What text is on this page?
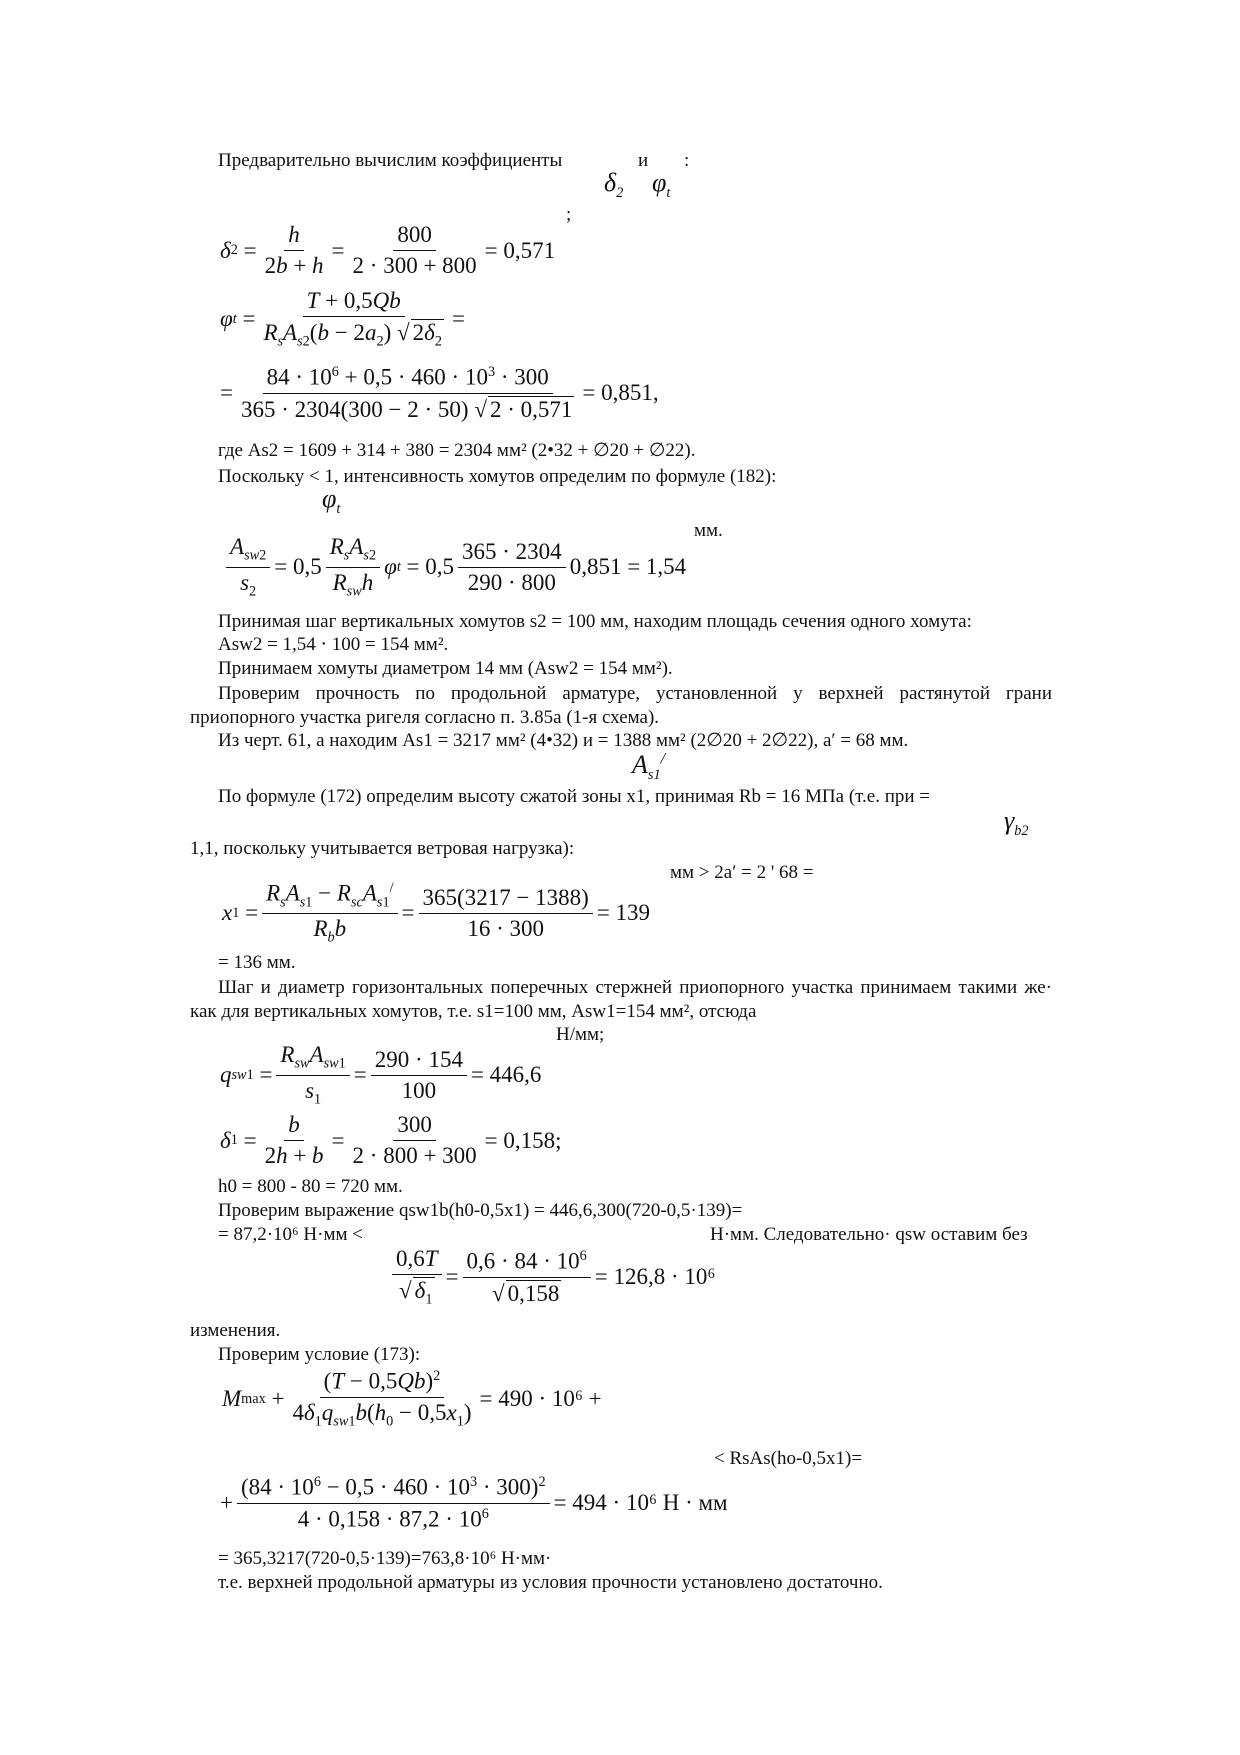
Предварительно вычислим коэффициенты	и :
$\delta_2$ $\varphi_t$
;
δ 2 =
h
2b + h
= $\frac{800}{2 \cdot 300 + 800} = 0,571$
φ t =
T + 0,5Qb
$R_sA_{s2}(b - 2a_2)$ √ $2\delta_2$
=
= $\frac{84 \cdot 10^6 + 0,5 \cdot 460 \cdot 10^3 \cdot 300}{365 \cdot 2304(300 - 2 \cdot 50) √ 2 \cdot 0,571} = 0,851$,
где As2 = 1609 + 314 + 380 = 2304 мм² (2•32 + ∅20 + ∅22).
Поскольку < 1, интенсивность хомутов определим по формуле (182):
$\varphi_t$
мм.
$A_{sw2}$
$s_2$
= 0,5
$R_sA_{s2}$
$R_{sw}h$
φ t = 0,5
365 · 2304
290 · 800
0,851 = 1,54
Принимая шаг вертикальных хомутов s2 = 100 мм, находим площадь сечения одного хомута:
Asw2 = 1,54 ⋅ 100 = 154 мм².
Принимаем хомуты диаметром 14 мм (Asw2 = 154 мм²).
Проверим прочность по продольной арматуре, установленной у верхней растянутой грани приопорного участка ригеля согласно п. 3.85а (1-я схема).
Из черт. 61, а находим As1 = 3217 мм² (4•32) и = 1388 мм² (2∅20 + 2∅22), a′ = 68 мм.
$A_{s1}^/$
По формуле (172) определим высоту сжатой зоны x1, принимая Rb = 16 МПа (т.е. при =
$\gamma_{b2}$
1,1, поскольку учитывается ветровая нагрузка):
мм > 2a′ = 2 ' 68 =
x 1 =
$R_sA_{s1} - R_{sc}A_{s1}^/$
$R_bb$
= $\frac{365(3217 - 1388)}{16 \cdot 300} = 139$
= 136 мм.
Шаг и диаметр горизонтальных поперечных стержней приопорного участка принимаем такими же· как для вертикальных хомутов, т.е. s1=100 мм, Asw1=154 мм², отсюда
Н/мм;
q sw1 =
$R_{sw}A_{sw1}$
$s_1$
= $\frac{290 \cdot 154}{100} = 446,6$
δ 1 =
b
2h + b
= $\frac{300}{2 \cdot 800 + 300} = 0,158$;
h0 = 800 - 80 = 720 мм.
Проверим выражение qsw1b(h0-0,5x1) = 446,6,300(720-0,5·139)=
= 87,2·10⁶ Н·мм <	Н·мм. Следовательно· qsw оставим без
0,6T
√ $\delta_1$
= $\frac{0,6 \cdot 84 \cdot 10^6}{√ 0,158} = 126,8 \cdot 10^6$
изменения.
Проверим условие (173):
M max +
$(T - 0,5Qb)^2$
$4\delta_1q_{sw1}b(h_0 - 0,5x_1)$
= 490 · 10⁶ +
< RsAs(ho-0,5x1)=
+ $\frac{(84 \cdot 10^6 - 0,5 \cdot 460 \cdot 10^3 \cdot 300)^2}{4 \cdot 0,158 \cdot 87,2 \cdot 10^6} = 494 \cdot 10^6$ Н · мм
= 365,3217(720-0,5·139)=763,8·10⁶ Н·мм·
т.е. верхней продольной арматуры из условия прочности установлено достаточно.
